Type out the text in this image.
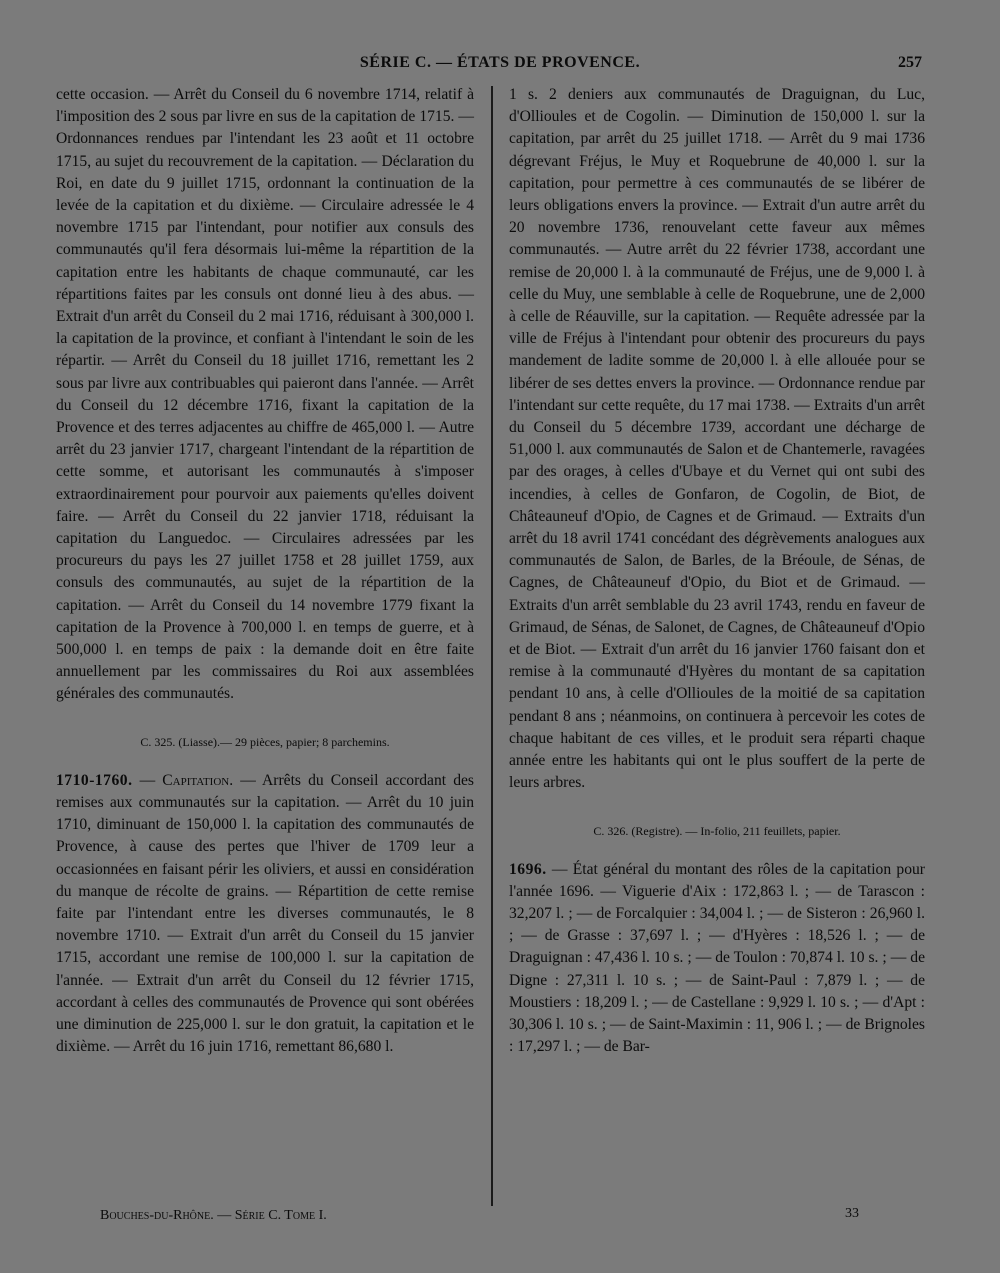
SÉRIE C. — ÉTATS DE PROVENCE.	257

cette occasion. — Arrêt du Conseil du 6 novembre 1714, relatif à l'imposition des 2 sous par livre en sus de la capitation de 1715. — Ordonnances rendues par l'intendant les 23 août et 11 octobre 1715, au sujet du recouvrement de la capitation. — Déclaration du Roi, en date du 9 juillet 1715, ordonnant la continuation de la levée de la capitation et du dixième. — Circulaire adressée le 4 novembre 1715 par l'intendant, pour notifier aux consuls des communautés qu'il fera désormais lui-même la répartition de la capitation entre les habitants de chaque communauté, car les répartitions faites par les consuls ont donné lieu à des abus. — Extrait d'un arrêt du Conseil du 2 mai 1716, réduisant à 300,000 l. la capitation de la province, et confiant à l'intendant le soin de les répartir. — Arrêt du Conseil du 18 juillet 1716, remettant les 2 sous par livre aux contribuables qui paieront dans l'année. — Arrêt du Conseil du 12 décembre 1716, fixant la capitation de la Provence et des terres adjacentes au chiffre de 465,000 l. — Autre arrêt du 23 janvier 1717, chargeant l'intendant de la répartition de cette somme, et autorisant les communautés à s'imposer extraordinairement pour pourvoir aux paiements qu'elles doivent faire. — Arrêt du Conseil du 22 janvier 1718, réduisant la capitation du Languedoc. — Circulaires adressées par les procureurs du pays les 27 juillet 1758 et 28 juillet 1759, aux consuls des communautés, au sujet de la répartition de la capitation. — Arrêt du Conseil du 14 novembre 1779 fixant la capitation de la Provence à 700,000 l. en temps de guerre, et à 500,000 l. en temps de paix : la demande doit en être faite annuellement par les commissaires du Roi aux assemblées générales des communautés.

C. 325. (Liasse).— 29 pièces, papier; 8 parchemins.

1710-1760. — Capitation. — Arrêts du Conseil accordant des remises aux communautés sur la capitation. — Arrêt du 10 juin 1710, diminuant de 150,000 l. la capitation des communautés de Provence, à cause des pertes que l'hiver de 1709 leur a occasionnées en faisant périr les oliviers, et aussi en considération du manque de récolte de grains. — Répartition de cette remise faite par l'intendant entre les diverses communautés, le 8 novembre 1710. — Extrait d'un arrêt du Conseil du 15 janvier 1715, accordant une remise de 100,000 l. sur la capitation de l'année. — Extrait d'un arrêt du Conseil du 12 février 1715, accordant à celles des communautés de Provence qui sont obérées une diminution de 225,000 l. sur le don gratuit, la capitation et le dixième. — Arrêt du 16 juin 1716, remettant 86,680 l.

1 s. 2 deniers aux communautés de Draguignan, du Luc, d'Ollioules et de Cogolin. — Diminution de 150,000 l. sur la capitation, par arrêt du 25 juillet 1718. — Arrêt du 9 mai 1736 dégrevant Fréjus, le Muy et Roquebrune de 40,000 l. sur la capitation, pour permettre à ces communautés de se libérer de leurs obligations envers la province. — Extrait d'un autre arrêt du 20 novembre 1736, renouvelant cette faveur aux mêmes communautés. — Autre arrêt du 22 février 1738, accordant une remise de 20,000 l. à la communauté de Fréjus, une de 9,000 l. à celle du Muy, une semblable à celle de Roquebrune, une de 2,000 à celle de Réauville, sur la capitation. — Requête adressée par la ville de Fréjus à l'intendant pour obtenir des procureurs du pays mandement de ladite somme de 20,000 l. à elle allouée pour se libérer de ses dettes envers la province. — Ordonnance rendue par l'intendant sur cette requête, du 17 mai 1738. — Extraits d'un arrêt du Conseil du 5 décembre 1739, accordant une décharge de 51,000 l. aux communautés de Salon et de Chantemerle, ravagées par des orages, à celles d'Ubaye et du Vernet qui ont subi des incendies, à celles de Gonfaron, de Cogolin, de Biot, de Châteauneuf d'Opio, de Cagnes et de Grimaud. — Extraits d'un arrêt du 18 avril 1741 concédant des dégrèvements analogues aux communautés de Salon, de Barles, de la Bréoule, de Sénas, de Cagnes, de Châteauneuf d'Opio, du Biot et de Grimaud. — Extraits d'un arrêt semblable du 23 avril 1743, rendu en faveur de Grimaud, de Sénas, de Salonet, de Cagnes, de Châteauneuf d'Opio et de Biot. — Extrait d'un arrêt du 16 janvier 1760 faisant don et remise à la communauté d'Hyères du montant de sa capitation pendant 10 ans, à celle d'Ollioules de la moitié de sa capitation pendant 8 ans ; néanmoins, on continuera à percevoir les cotes de chaque habitant de ces villes, et le produit sera réparti chaque année entre les habitants qui ont le plus souffert de la perte de leurs arbres.

C. 326. (Registre). — In-folio, 211 feuillets, papier.

1696. — État général du montant des rôles de la capitation pour l'année 1696. — Viguerie d'Aix : 172,863 l. ; — de Tarascon : 32,207 l. ; — de Forcalquier : 34,004 l. ; — de Sisteron : 26,960 l. ; — de Grasse : 37,697 l. ; — d'Hyères : 18,526 l. ; — de Draguignan : 47,436 l. 10 s. ; — de Toulon : 70,874 l. 10 s. ; — de Digne : 27,311 l. 10 s. ; — de Saint-Paul : 7,879 l. ; — de Moustiers : 18,209 l. ; — de Castellane : 9,929 l. 10 s. ; — d'Apt : 30,306 l. 10 s. ; — de Saint-Maximin : 11, 906 l. ; — de Brignoles : 17,297 l. ; — de Bar-

Bouches-du-Rhône. — Série C. Tome I.	33
